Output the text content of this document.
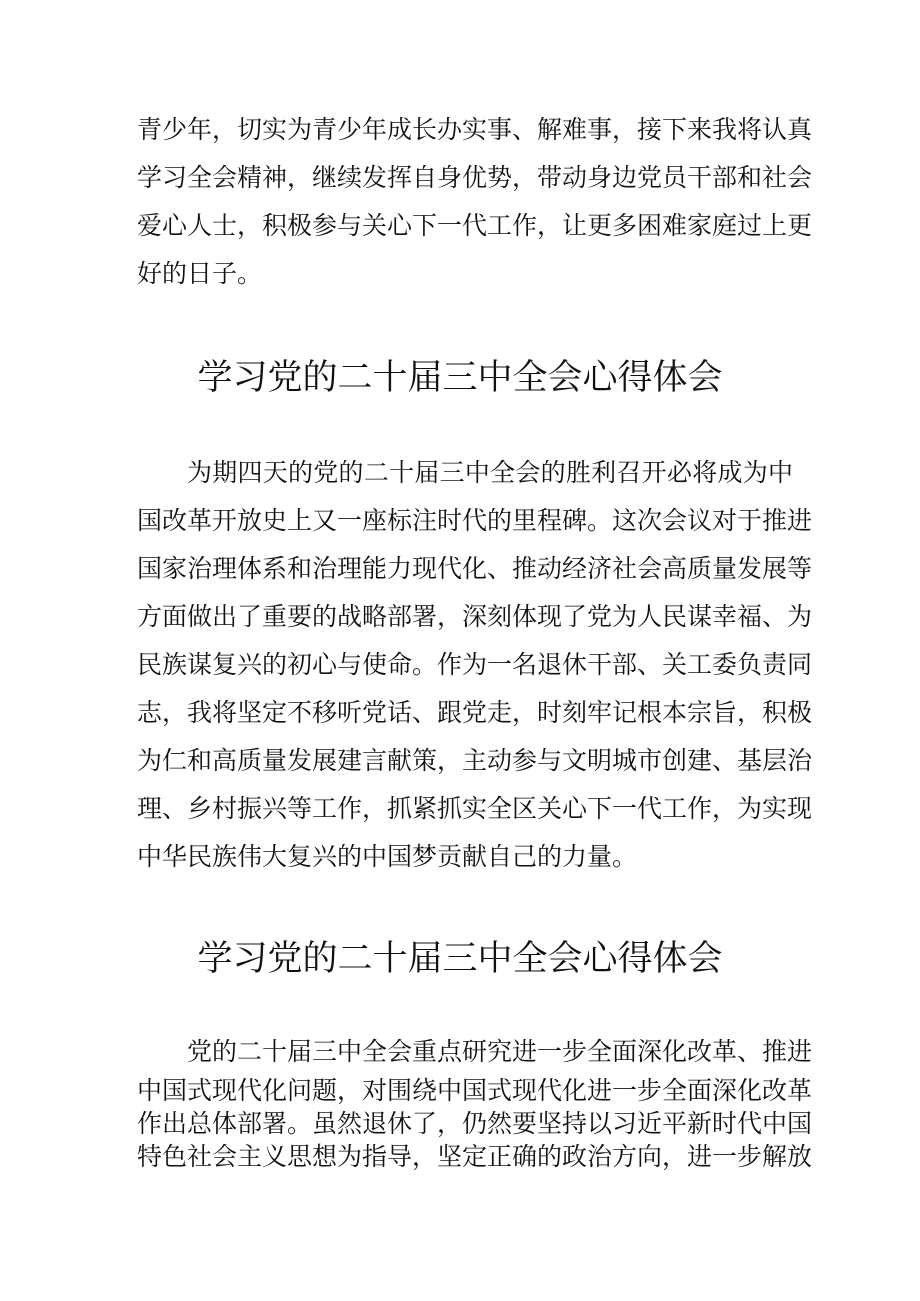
青少年，切实为青少年成长办实事、解难事，接下来我将认真
学习全会精神，继续发挥自身优势，带动身边党员干部和社会
爱心人士，积极参与关心下一代工作，让更多困难家庭过上更
好的日子。
学习党的二十届三中全会心得体会
为期四天的党的二十届三中全会的胜利召开必将成为中
国改革开放史上又一座标注时代的里程碑。这次会议对于推进
国家治理体系和治理能力现代化、推动经济社会高质量发展等
方面做出了重要的战略部署，深刻体现了党为人民谋幸福、为
民族谋复兴的初心与使命。作为一名退休干部、关工委负责同
志，我将坚定不移听党话、跟党走，时刻牢记根本宗旨，积极
为仁和高质量发展建言献策，主动参与文明城市创建、基层治
理、乡村振兴等工作，抓紧抓实全区关心下一代工作，为实现
中华民族伟大复兴的中国梦贡献自己的力量。
学习党的二十届三中全会心得体会
党的二十届三中全会重点研究进一步全面深化改革、推进
中国式现代化问题，对围绕中国式现代化进一步全面深化改革
作出总体部署。虽然退休了，仍然要坚持以习近平新时代中国
特色社会主义思想为指导，坚定正确的政治方向，进一步解放
